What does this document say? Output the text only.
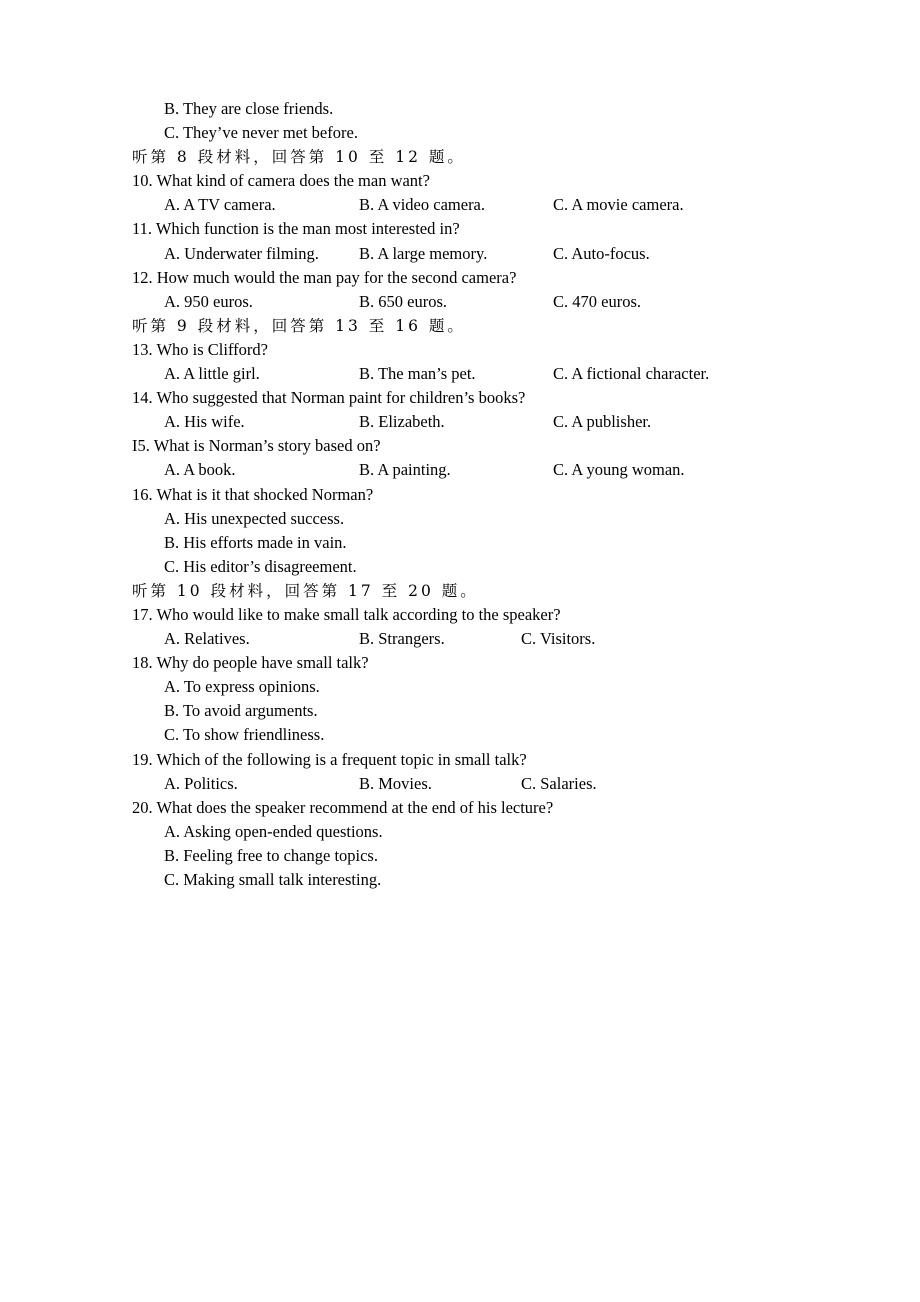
B. They are close friends.
C. They’ve never met before.
听第 8 段材料，回答第 10 至 12 题。
10. What kind of camera does the man want?
A. A TV camera.	B. A video camera.	C. A movie camera.
11. Which function is the man most interested in?
A. Underwater filming. B. A large memory.	C. Auto-focus.
12. How much would the man pay for the second camera?
A. 950 euros.	B. 650 euros.	C. 470 euros.
听第 9 段材料，回答第 13 至 16 题。
13. Who is Clifford?
A. A little girl.	B. The man’s pet.	C. A fictional character.
14. Who suggested that Norman paint for children’s books?
A. His wife.	B. Elizabeth.	C. A publisher.
I5. What is Norman’s story based on?
A. A book.	B. A painting.	C. A young woman.
16. What is it that shocked Norman?
A. His unexpected success.
B. His efforts made in vain.
C. His editor’s disagreement.
听第 10 段材料，回答第 17 至 20 题。
17. Who would like to make small talk according to the speaker?
A. Relatives.	B. Strangers.	C. Visitors.
18. Why do people have small talk?
A. To express opinions.
B. To avoid arguments.
C. To show friendliness.
19. Which of the following is a frequent topic in small talk?
A. Politics.	B. Movies.	C. Salaries.
20. What does the speaker recommend at the end of his lecture?
A. Asking open-ended questions.
B. Feeling free to change topics.
C. Making small talk interesting.
